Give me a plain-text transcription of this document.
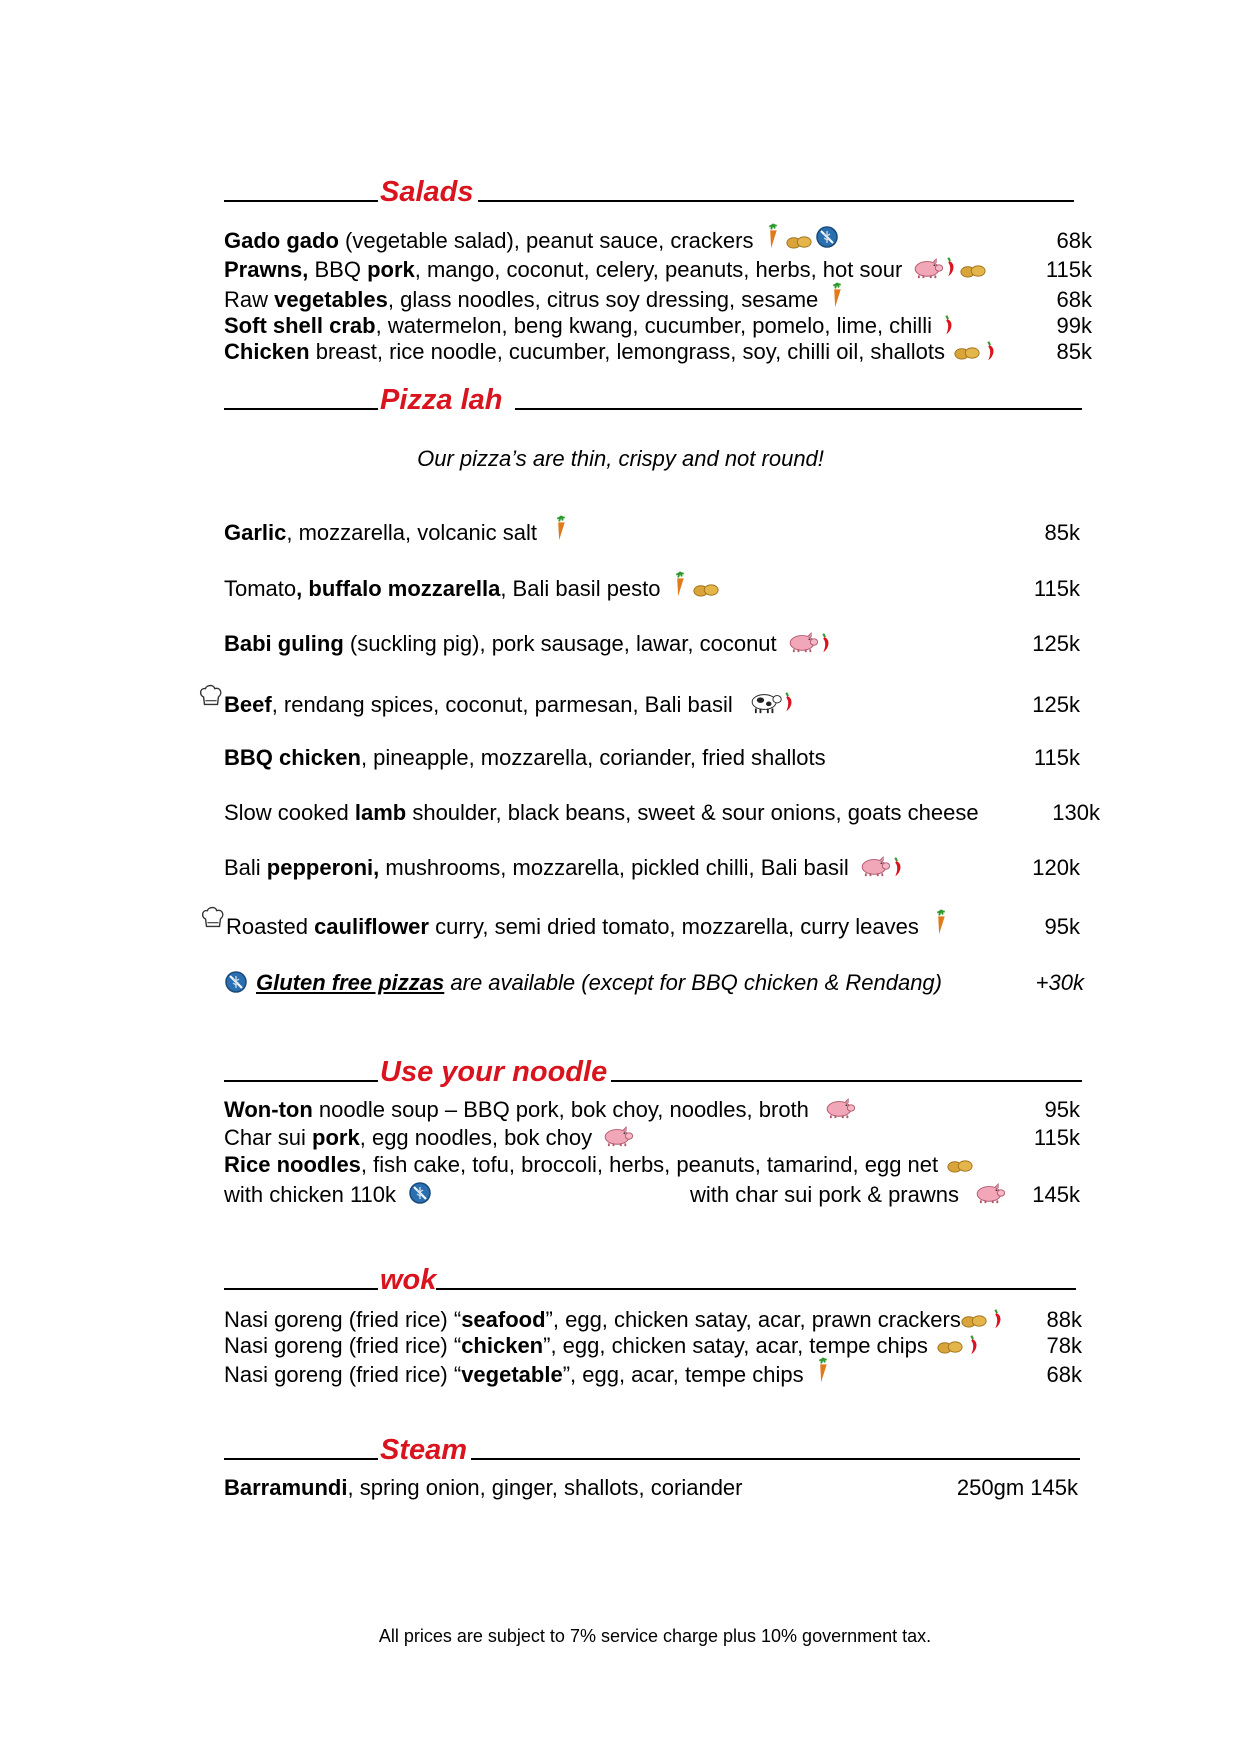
Salads
Gado gado (vegetable salad), peanut sauce, crackers	68k
Prawns, BBQ pork, mango, coconut, celery, peanuts, herbs, hot sour	115k
Raw vegetables, glass noodles, citrus soy dressing, sesame	68k
Soft shell crab, watermelon, beng kwang, cucumber, pomelo, lime, chilli	99k
Chicken breast, rice noodle, cucumber, lemongrass, soy, chilli oil, shallots	85k
Pizza lah
Our pizza’s are thin, crispy and not round!
Garlic, mozzarella, volcanic salt	85k
Tomato, buffalo mozzarella, Bali basil pesto	115k
Babi guling (suckling pig), pork sausage, lawar, coconut	125k
Beef, rendang spices, coconut, parmesan, Bali basil	125k
BBQ chicken, pineapple, mozzarella, coriander, fried shallots	115k
Slow cooked lamb shoulder, black beans, sweet & sour onions, goats cheese	130k
Bali pepperoni, mushrooms, mozzarella, pickled chilli, Bali basil	120k
Roasted cauliflower curry, semi dried tomato, mozzarella, curry leaves	95k
Gluten free pizzas are available (except for BBQ chicken & Rendang)	+30k
Use your noodle
Won-ton noodle soup – BBQ pork, bok choy, noodles, broth	95k
Char sui pork, egg noodles, bok choy	115k
Rice noodles, fish cake, tofu, broccoli, herbs, peanuts, tamarind, egg net
with chicken 110k	with char sui pork & prawns	145k
wok
Nasi goreng (fried rice) “seafood”, egg, chicken satay, acar, prawn crackers	88k
Nasi goreng (fried rice) “chicken”, egg, chicken satay, acar, tempe chips	78k
Nasi goreng (fried rice) “vegetable”, egg, acar, tempe chips	68k
Steam
Barramundi, spring onion, ginger, shallots, coriander	250gm 145k
All prices are subject to 7% service charge plus 10% government tax.
